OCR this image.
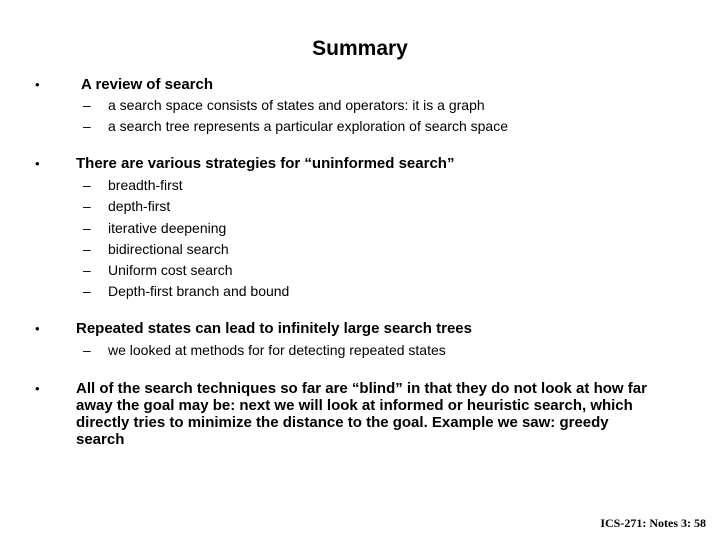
Summary
•	A review of search
– a search space consists of states and operators: it is a graph
– a search tree represents a particular exploration of search space
• There are various strategies for “uninformed search”
– breadth-first
– depth-first
– iterative deepening
– bidirectional search
– Uniform cost search
– Depth-first branch and bound
• Repeated states can lead to infinitely large search trees
– we looked at methods for for detecting repeated states
• All of the search techniques so far are “blind” in that they do not look at how far away the goal may be: next we will look at informed or heuristic search, which directly tries to minimize the distance to the goal. Example we saw: greedy search
ICS-271: Notes 3: 58
